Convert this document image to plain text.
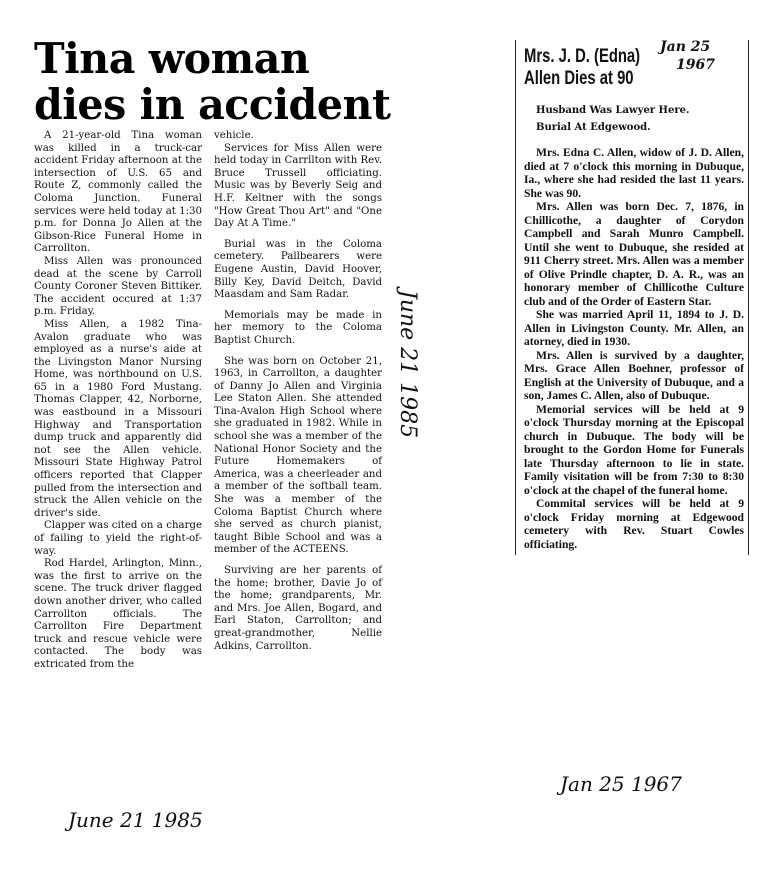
Tina woman
dies in accident

A 21-year-old Tina woman was killed in a truck-car accident Friday afternoon at the intersection of U.S. 65 and Route Z, commonly called the Coloma Junction. Funeral services were held today at 1:30 p.m. for Donna Jo Allen at the Gibson-Rice Funeral Home in Carrollton.

Miss Allen was pronounced dead at the scene by Carroll County Coroner Steven Bittiker. The accident occured at 1:37 p.m. Friday.

Miss Allen, a 1982 Tina-Avalon graduate who was employed as a nurse's aide at the Livingston Manor Nursing Home, was northbound on U.S. 65 in a 1980 Ford Mustang. Thomas Clapper, 42, Norborne, was eastbound in a Missouri Highway and Transportation dump truck and apparently did not see the Allen vehicle. Missouri State Highway Patrol officers reported that Clapper pulled from the intersection and struck the Allen vehicle on the driver's side.

Clapper was cited on a charge of failing to yield the right-of-way.

Rod Hardel, Arlington, Minn., was the first to arrive on the scene. The truck driver flagged down another driver, who called Carrollton officials. The Carrollton Fire Department truck and rescue vehicle were contacted. The body was extricated from the

vehicle.

Services for Miss Allen were held today in Carrllton with Rev. Bruce Trussell officiating. Music was by Beverly Seig and H.F. Keltner with the songs "How Great Thou Art" and "One Day At A Time."

Burial was in the Coloma cemetery. Pallbearers were Eugene Austin, David Hoover, Billy Key, David Deitch, David Maasdam and Sam Radar.

Memorials may be made in her memory to the Coloma Baptist Church.

She was born on October 21, 1963, in Carrollton, a daughter of Danny Jo Allen and Virginia Lee Staton Allen. She attended Tina-Avalon High School where she graduated in 1982. While in school she was a member of the National Honor Society and the Future Homemakers of America, was a cheerleader and a member of the softball team. She was a member of the Coloma Baptist Church where she served as church pianist, taught Bible School and was a member of the ACTEENS.

Surviving are her parents of the home; brother, Davie Jo of the home; grandparents, Mr. and Mrs. Joe Allen, Bogard, and Earl Staton, Carrollton; and great-grandmother, Nellie Adkins, Carrollton.

June 21 1985
June 21 1985
Mrs. J. D. (Edna)
Allen Dies at 90
Husband Was Lawyer Here.
Burial At Edgewood.

Mrs. Edna C. Allen, widow of J. D. Allen, died at 7 o'clock this morning in Dubuque, Ia., where she had resided the last 11 years. She was 90.

Mrs. Allen was born Dec. 7, 1876, in Chillicothe, a daughter of Corydon Campbell and Sarah Munro Campbell. Until she went to Dubuque, she resided at 911 Cherry street. Mrs. Allen was a member of Olive Prindle chapter, D. A. R., was an honorary member of Chillicothe Culture club and of the Order of Eastern Star.

She was married April 11, 1894 to J. D. Allen in Livingston County. Mr. Allen, an atorney, died in 1930.

Mrs. Allen is survived by a daughter, Mrs. Grace Allen Boehner, professor of English at the University of Dubuque, and a son, James C. Allen, also of Dubuque.

Memorial services will be held at 9 o'clock Thursday morning at the Episcopal church in Dubuque. The body will be brought to the Gordon Home for Funerals late Thursday afternoon to lie in state. Family visitation will be from 7:30 to 8:30 o'clock at the chapel of the funeral home.

Commital services will be held at 9 o'clock Friday morning at Edgewood cemetery with Rev. Stuart Cowles officiating.

Jan 25
1967
Jan 25 1967
